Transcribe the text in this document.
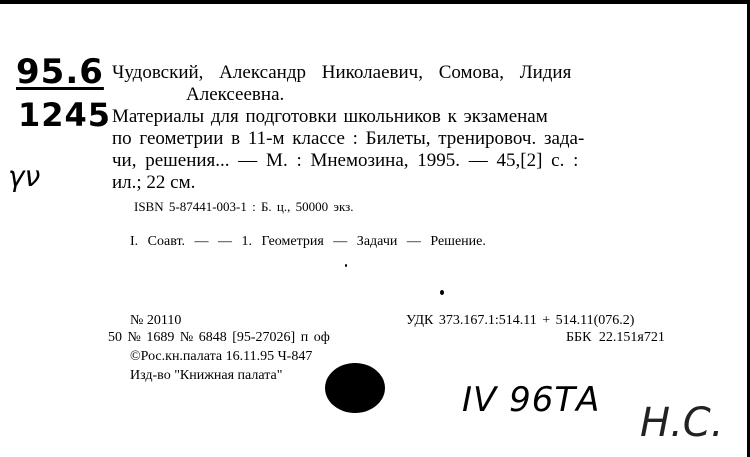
95.6
1245
γν
Чудовский, Александр Николаевич, Сомова, Лидия
Алексеевна.
Материалы для подготовки школьников к экзаменам
по геометрии в 11-м классе : Билеты, тренировоч. зада-
чи, решения... — М. : Мнемозина, 1995. — 45,[2] с. :
ил.; 22 см.
ISBN 5-87441-003-1 : Б. ц., 50000 экз.
I. Соавт. — — 1. Геометрия — Задачи — Решение.
№ 20110
50 № 1689 № 6848 [95-27026] п оф
©Рос.кн.палата 16.11.95 Ч-847
Изд-во "Книжная палата"
УДК 373.167.1:514.11 + 514.11(076.2)
ББК 22.151я721
IV 96ТА Н.С.
